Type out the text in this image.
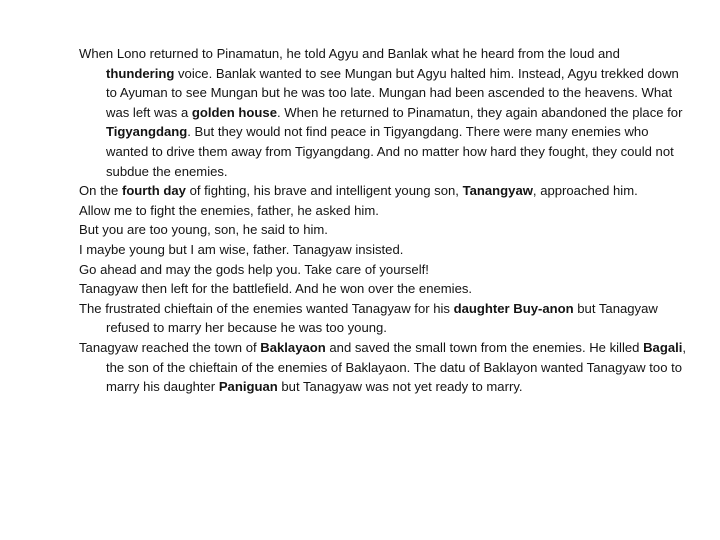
When Lono returned to Pinamatun, he told Agyu and Banlak what he heard from the loud and thundering voice. Banlak wanted to see Mungan but Agyu halted him. Instead, Agyu trekked down to Ayuman to see Mungan but he was too late. Mungan had been ascended to the heavens. What was left was a golden house. When he returned to Pinamatun, they again abandoned the place for Tigyangdang. But they would not find peace in Tigyangdang. There were many enemies who wanted to drive them away from Tigyangdang. And no matter how hard they fought, they could not subdue the enemies.

On the fourth day of fighting, his brave and intelligent young son, Tanangyaw, approached him.

Allow me to fight the enemies, father, he asked him.

But you are too young, son, he said to him.

I maybe young but I am wise, father. Tanagyaw insisted.

Go ahead and may the gods help you. Take care of yourself!

Tanagyaw then left for the battlefield. And he won over the enemies.

The frustrated chieftain of the enemies wanted Tanagyaw for his daughter Buy-anon but Tanagyaw refused to marry her because he was too young.

Tanagyaw reached the town of Baklayaon and saved the small town from the enemies. He killed Bagali, the son of the chieftain of the enemies of Baklayaon. The datu of Baklayon wanted Tanagyaw too to marry his daughter Paniguan but Tanagyaw was not yet ready to marry.
